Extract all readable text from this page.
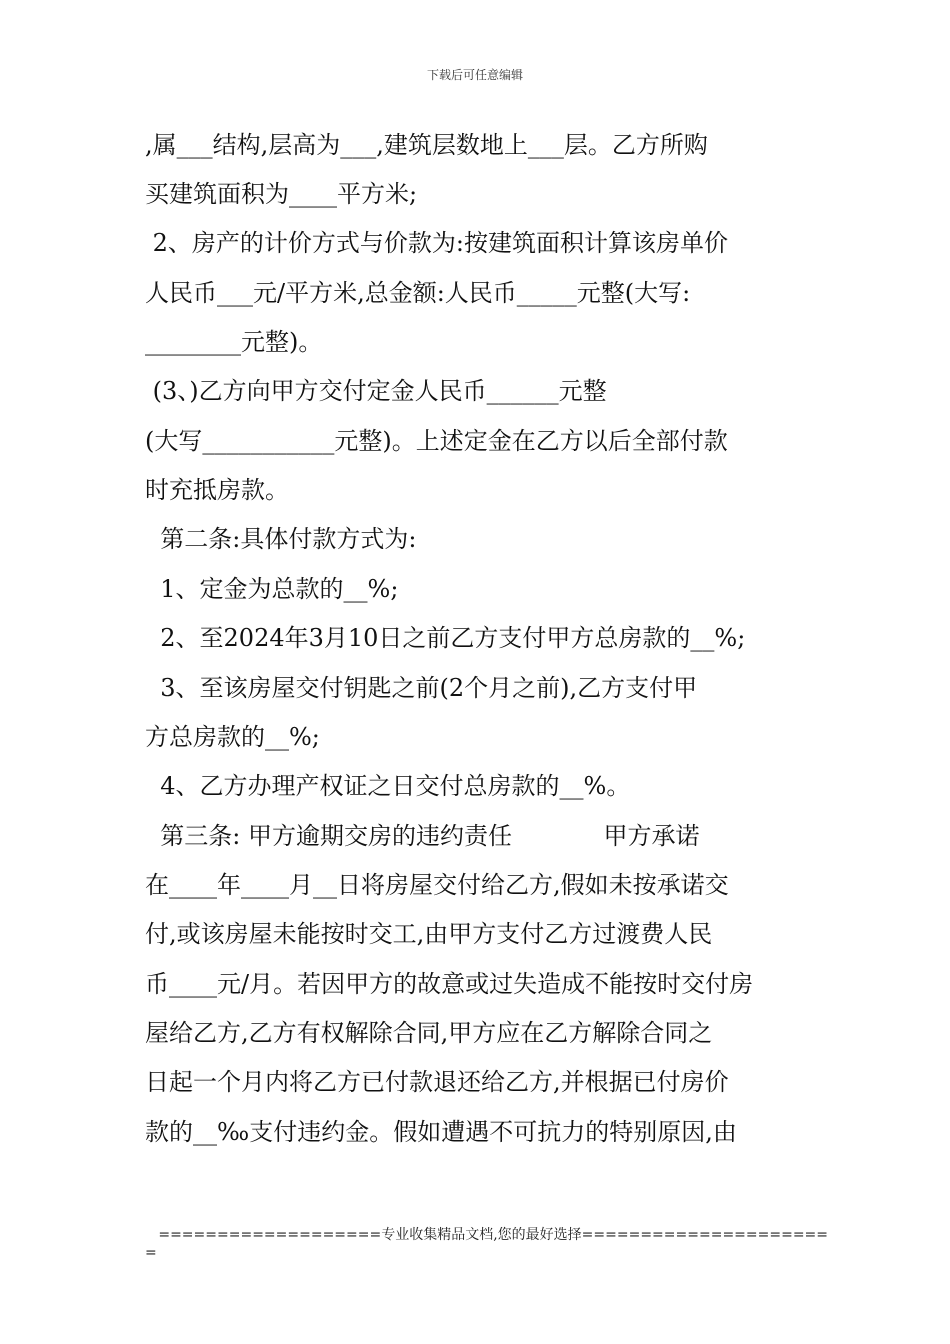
下载后可任意编辑
,属___结构,层高为___,建筑层数地上___层。乙方所购
买建筑面积为____平方米;
2、房产的计价方式与价款为:按建筑面积计算该房单价
人民币___元/平方米,总金额:人民币_____元整(大写:
________元整)。
(3、)乙方向甲方交付定金人民币______元整
(大写___________元整)。上述定金在乙方以后全部付款
时充抵房款。
第二条:具体付款方式为:
1、定金为总款的__%;
2、至2024年3月10日之前乙方支付甲方总房款的__%;
3、至该房屋交付钥匙之前(2个月之前),乙方支付甲
方总房款的__%;
4、乙方办理产权证之日交付总房款的__%。
第三条: 甲方逾期交房的违约责任            甲方承诺
在____年____月__日将房屋交付给乙方,假如未按承诺交
付,或该房屋未能按时交工,由甲方支付乙方过渡费人民
币____元/月。若因甲方的故意或过失造成不能按时交付房
屋给乙方,乙方有权解除合同,甲方应在乙方解除合同之
日起一个月内将乙方已付款退还给乙方,并根据已付房价
款的__‰支付违约金。假如遭遇不可抗力的特别原因,由
===================专业收集精品文档,您的最好选择=====================
=
